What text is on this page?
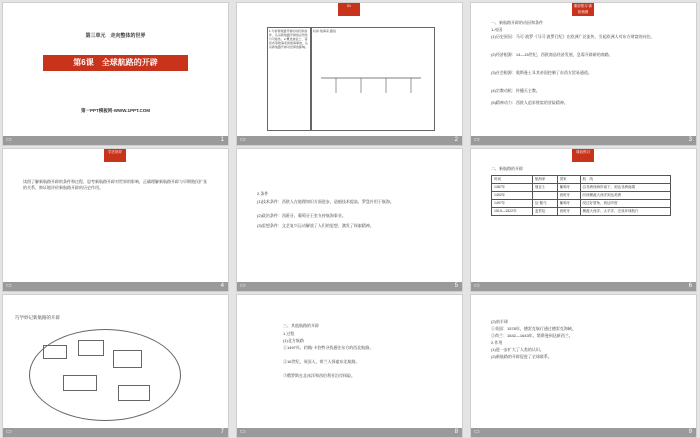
第三单元　走向整体的世界
第6课　全球航路的开辟
第一PPT模板网-WWW.1PPT.COM
▭	1
01
1.分析新航路开辟的动因和条件，认识新航路开辟的必然性与可能性。2.概述迪亚士、哥伦布等航海家的航海事迹，认识新航路开辟对世界的影响。
时间·航海家·路线
▭	2
课前预习·新知梳理
一、新航路开辟的动因和条件
1.动因
(1)历史原因：马可·波罗《马可·波罗行纪》在欧洲广泛流传，引起欧洲人对东方财富的向往。
(2)经济根源：14—15世纪，西欧商品经济发展，急需开辟新的商路。
(3)社会根源：奥斯曼土耳其帝国控制了东西方贸易通道。
(4)宗教动机：传播天主教。
(5)精神动力：西欧人追求财富的冒险精神。
▭	3
学法指导
读图了解新航路开辟的条件和过程，思考新航路开辟对世界的影响，正确理解新航路开辟与早期殖民扩张的关系，辩证地评价新航路开辟的历史作用。
▭	4
2.条件
(1)技术条件：西欧人在地理知识方面进步，造船技术提高，罗盘针用于航海。
(2)政治条件：西班牙、葡萄牙王室支持航海事业。
(3)思想条件：文艺复兴运动解放了人们的思想，激发了探索精神。
▭	5
课前预习
二、新航路的开辟
时间	航海家	国家	航　线
1487年	迪亚士	葡萄牙	沿非洲西海岸南下，到达非洲南端
1492年		西班牙	向西横渡大西洋到达美洲
1497年	达·伽马	葡萄牙	绕过好望角，到达印度
1519—1522年	麦哲伦	西班牙	横渡大西洋、太平洋，完成环球航行
▭	6
巧学妙记新航路的开辟
▭	7
三、其他航路的开辟
1.过程
(1)北方航路
①1497年，约翰·卡伯特寻找通往东方的西北航路。
②16世纪，英国人、荷兰人探索东北航路。
③俄罗斯在北冰洋和西伯利亚沿岸探险。
▭	8
(2)南半球
①英国：1578年，德雷克航行通过德雷克海峡。
②荷兰：1642—1643年，塔斯曼到达新西兰。
2.作用
(1)进一步扩大了人类的认识。
(2)新航路的开辟促进了全球联系。
▭	9
